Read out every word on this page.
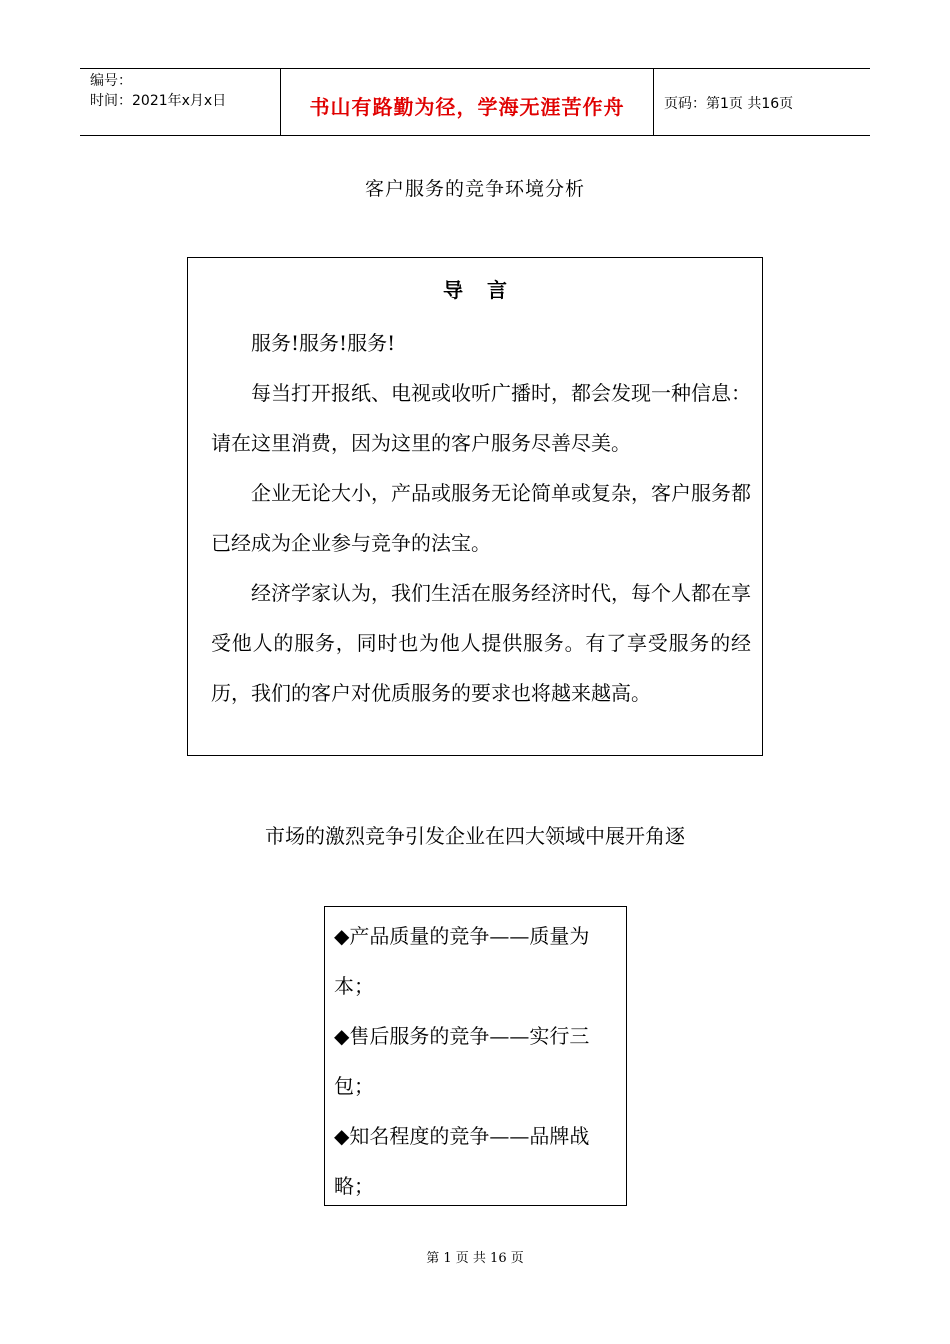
编号：
时间：2021年x月x日	书山有路勤为径，学海无涯苦作舟	页码：第1页 共16页
客户服务的竞争环境分析
导言

服务!服务!服务!

每当打开报纸、电视或收听广播时，都会发现一种信息：请在这里消费，因为这里的客户服务尽善尽美。

企业无论大小，产品或服务无论简单或复杂，客户服务都已经成为企业参与竞争的法宝。

经济学家认为，我们生活在服务经济时代，每个人都在享受他人的服务，同时也为他人提供服务。有了享受服务的经历，我们的客户对优质服务的要求也将越来越高。

市场的激烈竞争引发企业在四大领域中展开角逐

◆产品质量的竞争——质量为本；

◆售后服务的竞争——实行三包；

◆知名程度的竞争——品牌战略；

第 1 页 共 16 页
